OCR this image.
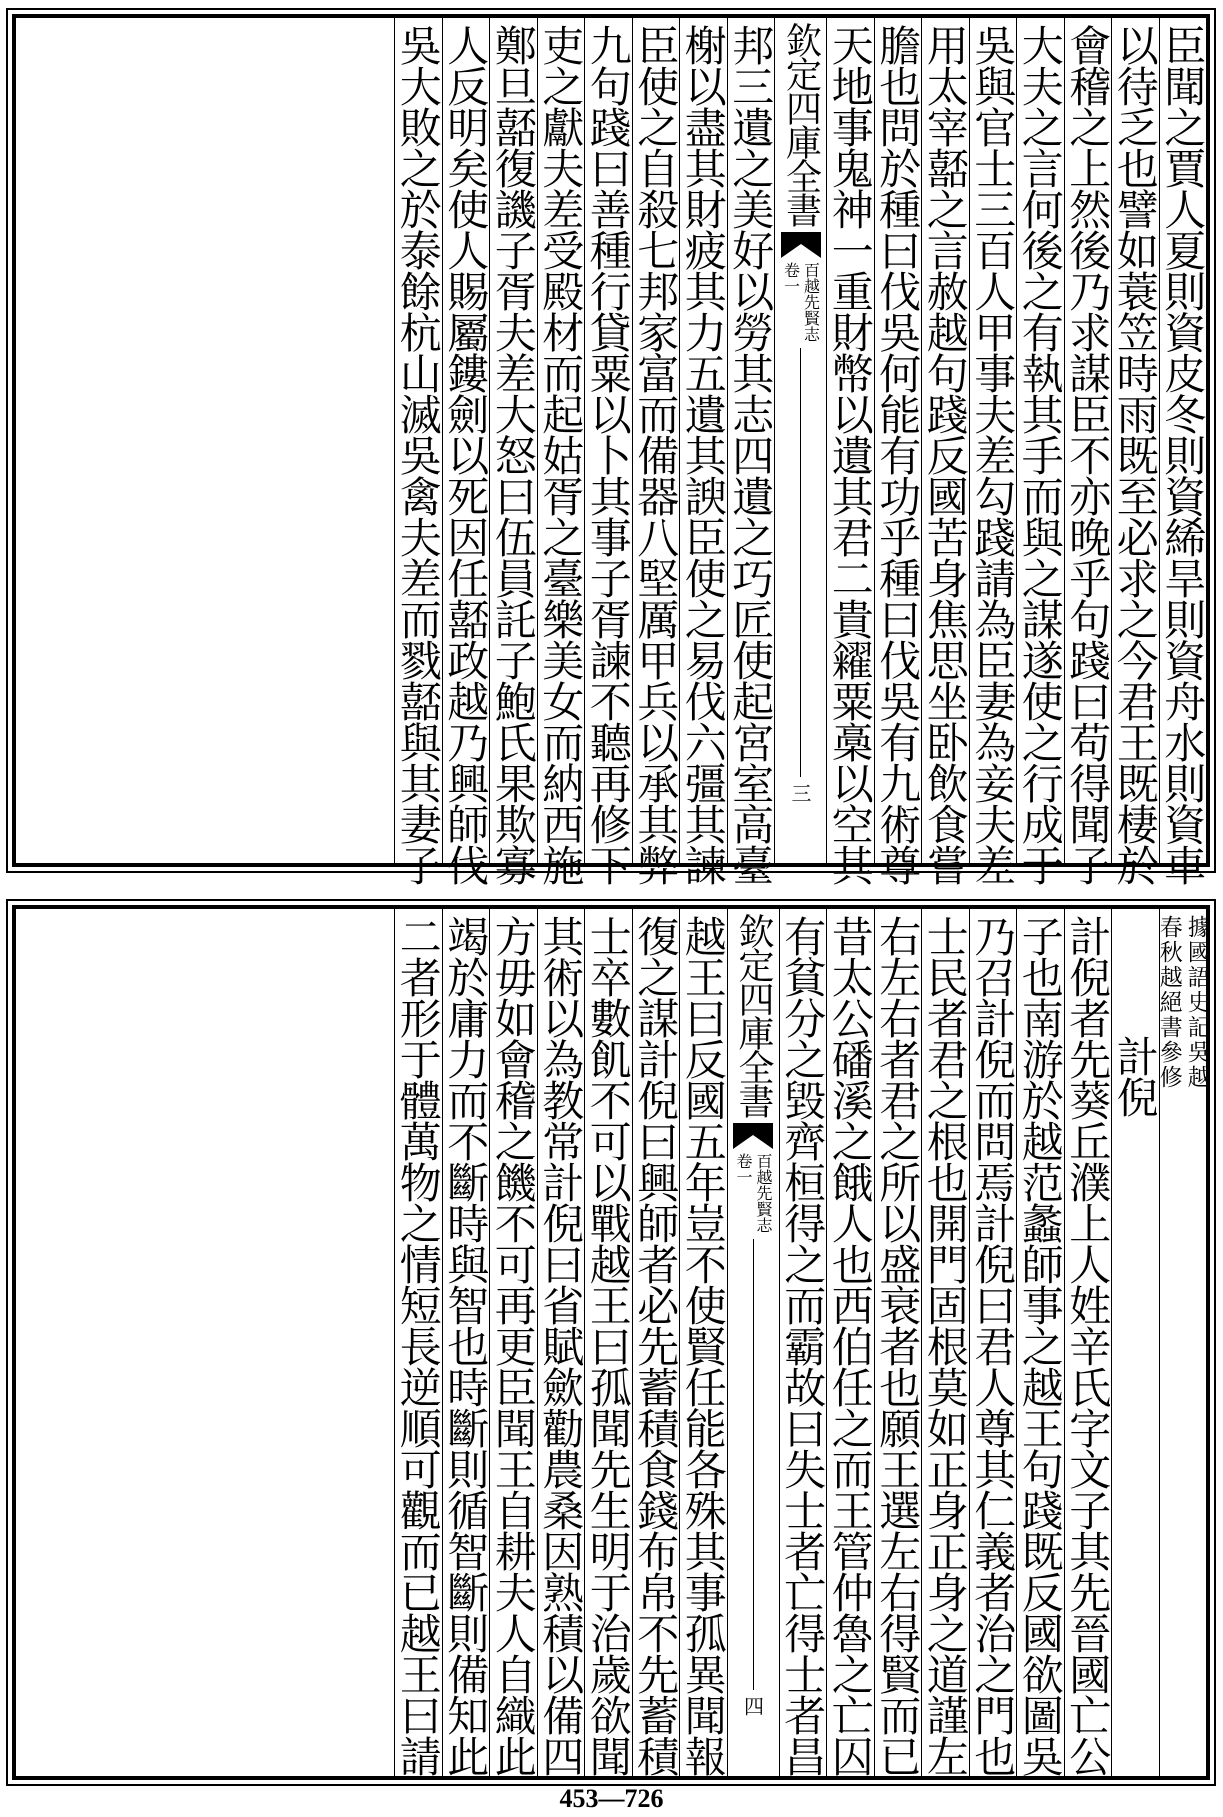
臣聞之賈人夏則資皮冬則資絺旱則資舟水則資車
以待乏也譬如蓑笠時雨既至必求之今君王既棲於
會稽之上然後乃求謀臣不亦晚乎句踐曰苟得聞子
大夫之言何後之有執其手而與之謀遂使之行成于
吳與官士三百人甲事夫差勾踐請為臣妻為妾夫差
用太宰嚭之言赦越句踐反國苦身焦思坐卧飲食嘗
膽也問於種曰伐吳何能有功乎種曰伐吳有九術尊
天地事鬼神一重財幣以遺其君二貴糴粟槀以空其
欽定四庫全書
百越先賢志
卷一
三
邦三遺之美好以勞其志四遺之巧匠使起宮室高臺
榭以盡其財疲其力五遺其諛臣使之易伐六彊其諫
臣使之自殺七邦家富而備器八堅厲甲兵以承其弊
九句踐曰善種行貸粟以卜其事子胥諫不聽再修下
吏之獻夫差受殿材而起姑胥之臺樂美女而納西施
鄭旦嚭復譏子胥夫差大怒曰伍員託子鮑氏果欺寡
人反明矣使人賜屬鏤劍以死因任嚭政越乃興師伐
吳大敗之於泰餘杭山滅吳禽夫差而戮嚭與其妻子
據國語史記吳越
春秋越絕書參修
計倪
計倪者先葵丘濮上人姓辛氏字文子其先晉國亡公
子也南游於越范蠡師事之越王句踐既反國欲圖吳
乃召計倪而問焉計倪曰君人尊其仁義者治之門也
士民者君之根也開門固根莫如正身正身之道謹左
右左右者君之所以盛衰者也願王選左右得賢而已
昔太公磻溪之餓人也西伯任之而王管仲魯之亡囚
有貧分之毀齊桓得之而霸故曰失士者亡得士者昌
欽定四庫全書
百越先賢志
卷一
四
越王曰反國五年豈不使賢任能各殊其事孤異聞報
復之謀計倪曰興師者必先蓄積食錢布帛不先蓄積
士卒數飢不可以戰越王曰孤聞先生明于治歲欲聞
其術以為教常計倪曰省賦歛勸農桑因熟積以備四
方毋如會稽之饑不可再更臣聞王自耕夫人自織此
竭於庸力而不斷時與智也時斷則循智斷則備知此
二者形于體萬物之情短長逆順可觀而已越王曰請
453—726
